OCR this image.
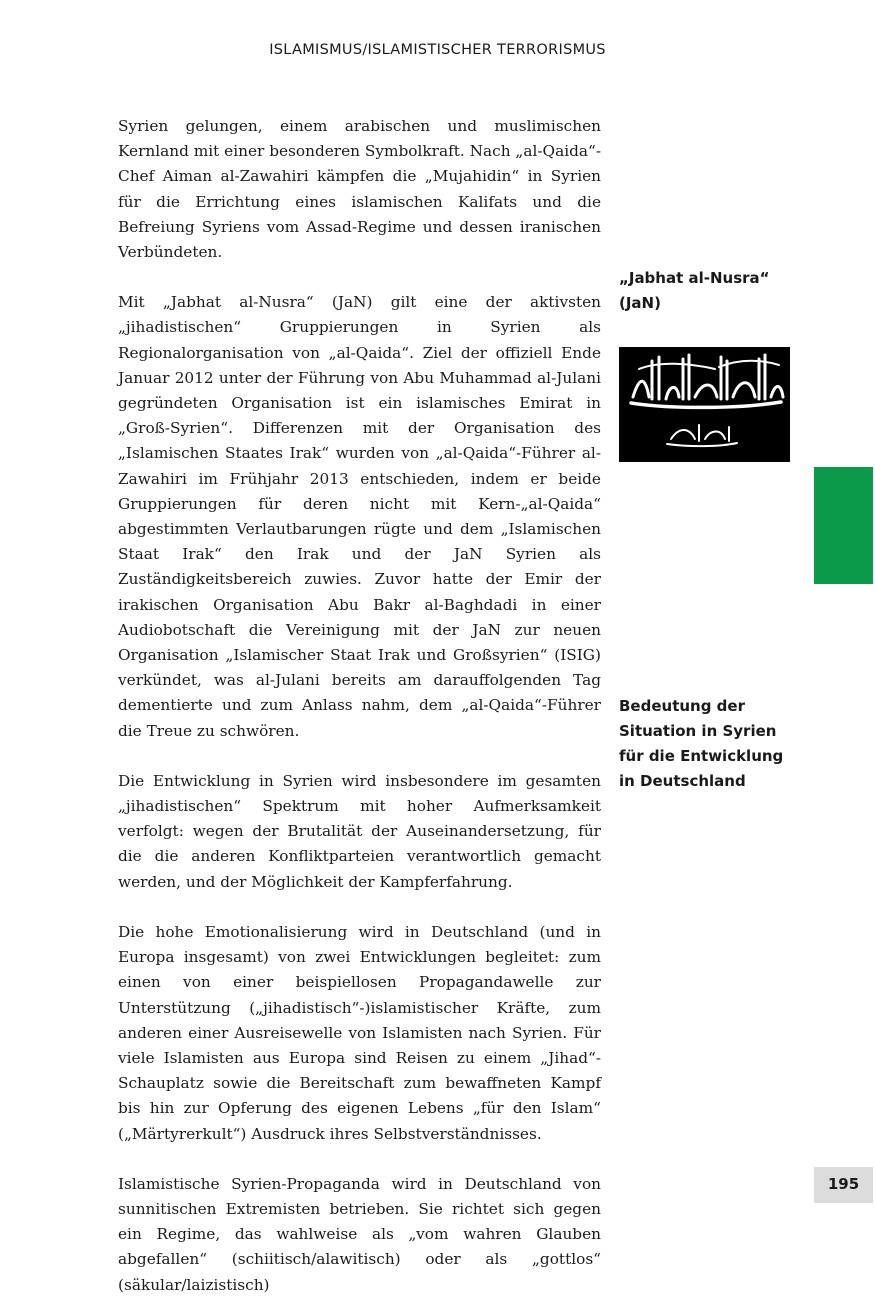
ISLAMISMUS/ISLAMISTISCHER TERRORISMUS

Syrien gelungen, einem arabischen und muslimischen Kernland mit einer besonderen Symbolkraft. Nach „al-Qaida“-Chef Aiman al-Zawahiri kämpfen die „Mujahidin“ in Syrien für die Errichtung eines islamischen Kalifats und die Befreiung Syriens vom Assad-Regime und dessen iranischen Verbündeten.

Mit „Jabhat al-Nusra“ (JaN) gilt eine der aktivsten „jihadistischen“ Gruppierungen in Syrien als Regionalorganisation von „al-Qaida“. Ziel der offiziell Ende Januar 2012 unter der Führung von Abu Muhammad al-Julani gegründeten Organisation ist ein islamisches Emirat in „Groß-Syrien“. Differenzen mit der Organisation des „Islamischen Staates Irak“ wurden von „al-Qaida“-Führer al-Zawahiri im Frühjahr 2013 entschieden, indem er beide Gruppierungen für deren nicht mit Kern-„al-Qaida“ abgestimmten Verlautbarungen rügte und dem „Islamischen Staat Irak“ den Irak und der JaN Syrien als Zuständigkeitsbereich zuwies. Zuvor hatte der Emir der irakischen Organisation Abu Bakr al-Baghdadi in einer Audiobotschaft die Vereinigung mit der JaN zur neuen Organisation „Islamischer Staat Irak und Großsyrien“ (ISIG) verkündet, was al-Julani bereits am darauffolgenden Tag dementierte und zum Anlass nahm, dem „al-Qaida“-Führer die Treue zu schwören.

Die Entwicklung in Syrien wird insbesondere im gesamten „jihadistischen“ Spektrum mit hoher Aufmerksamkeit verfolgt: wegen der Brutalität der Auseinandersetzung, für die die anderen Konfliktparteien verantwortlich gemacht werden, und der Möglichkeit der Kampferfahrung.

Die hohe Emotionalisierung wird in Deutschland (und in Europa insgesamt) von zwei Entwicklungen begleitet: zum einen von einer beispiellosen Propagandawelle zur Unterstützung („jihadistisch“-)islamistischer Kräfte, zum anderen einer Ausreisewelle von Islamisten nach Syrien. Für viele Islamisten aus Europa sind Reisen zu einem „Jihad“-Schauplatz sowie die Bereitschaft zum bewaffneten Kampf bis hin zur Opferung des eigenen Lebens „für den Islam“ („Märtyrerkult“) Ausdruck ihres Selbstverständnisses.

Islamistische Syrien-Propaganda wird in Deutschland von sunnitischen Extremisten betrieben. Sie richtet sich gegen ein Regime, das wahlweise als „vom wahren Glauben abgefallen“ (schiitisch/alawitisch) oder als „gottlos“ (säkular/laizistisch)

„Jabhat al-Nusra“ (JaN)
Bedeutung der Situation in Syrien für die Entwicklung in Deutschland
195
